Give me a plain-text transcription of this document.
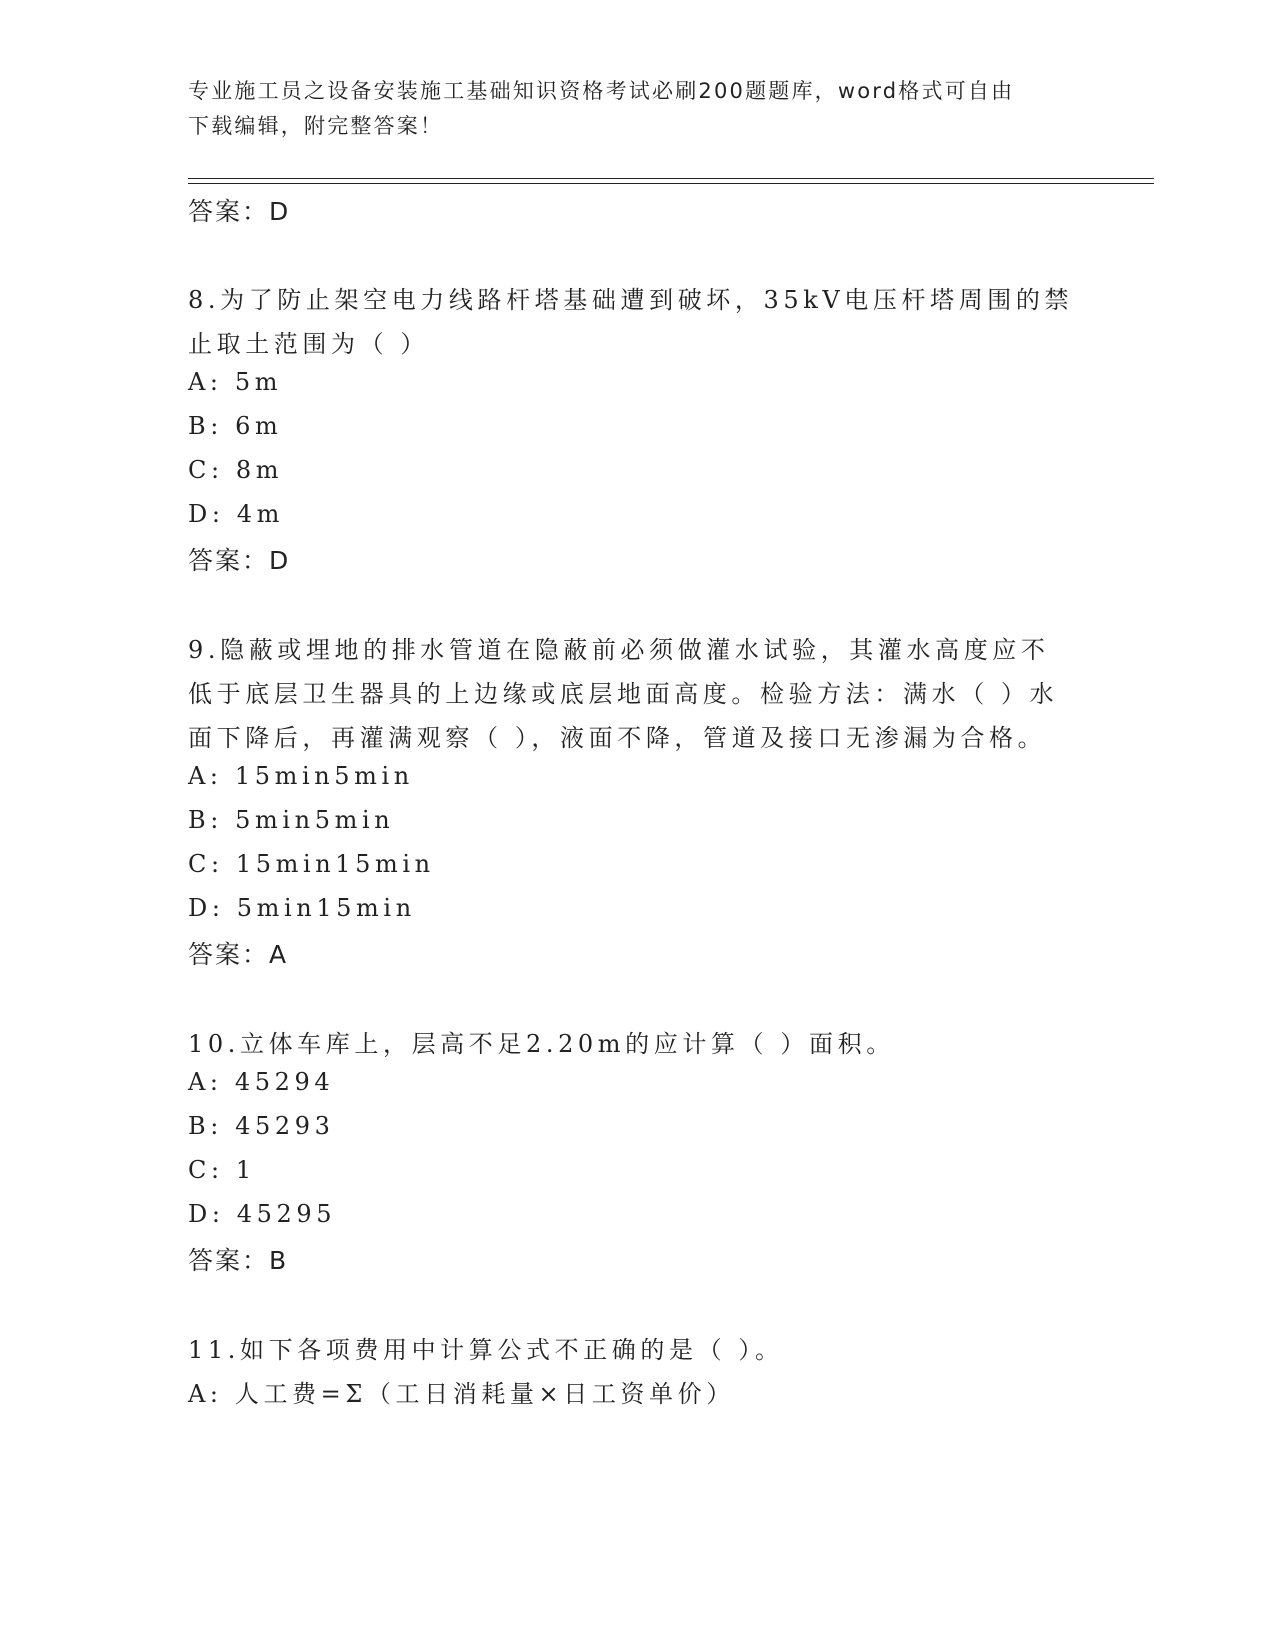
专业施工员之设备安装施工基础知识资格考试必刷200题题库，word格式可自由
下载编辑，附完整答案！
答案：D
8.为了防止架空电力线路杆塔基础遭到破坏，35kV电压杆塔周围的禁
止取土范围为（ ）
A: 5m
B: 6m
C: 8m
D: 4m
答案：D
9.隐蔽或埋地的排水管道在隐蔽前必须做灌水试验，其灌水高度应不
低于底层卫生器具的上边缘或底层地面高度。检验方法：满水（ ）水
面下降后，再灌满观察（ ），液面不降，管道及接口无渗漏为合格。
A: 15min5min
B: 5min5min
C: 15min15min
D: 5min15min
答案：A
10.立体车库上，层高不足2.20m的应计算（ ）面积。
A: 45294
B: 45293
C: 1
D: 45295
答案：B
11.如下各项费用中计算公式不正确的是（ ）。
A: 人工费=Σ（工日消耗量×日工资单价）
